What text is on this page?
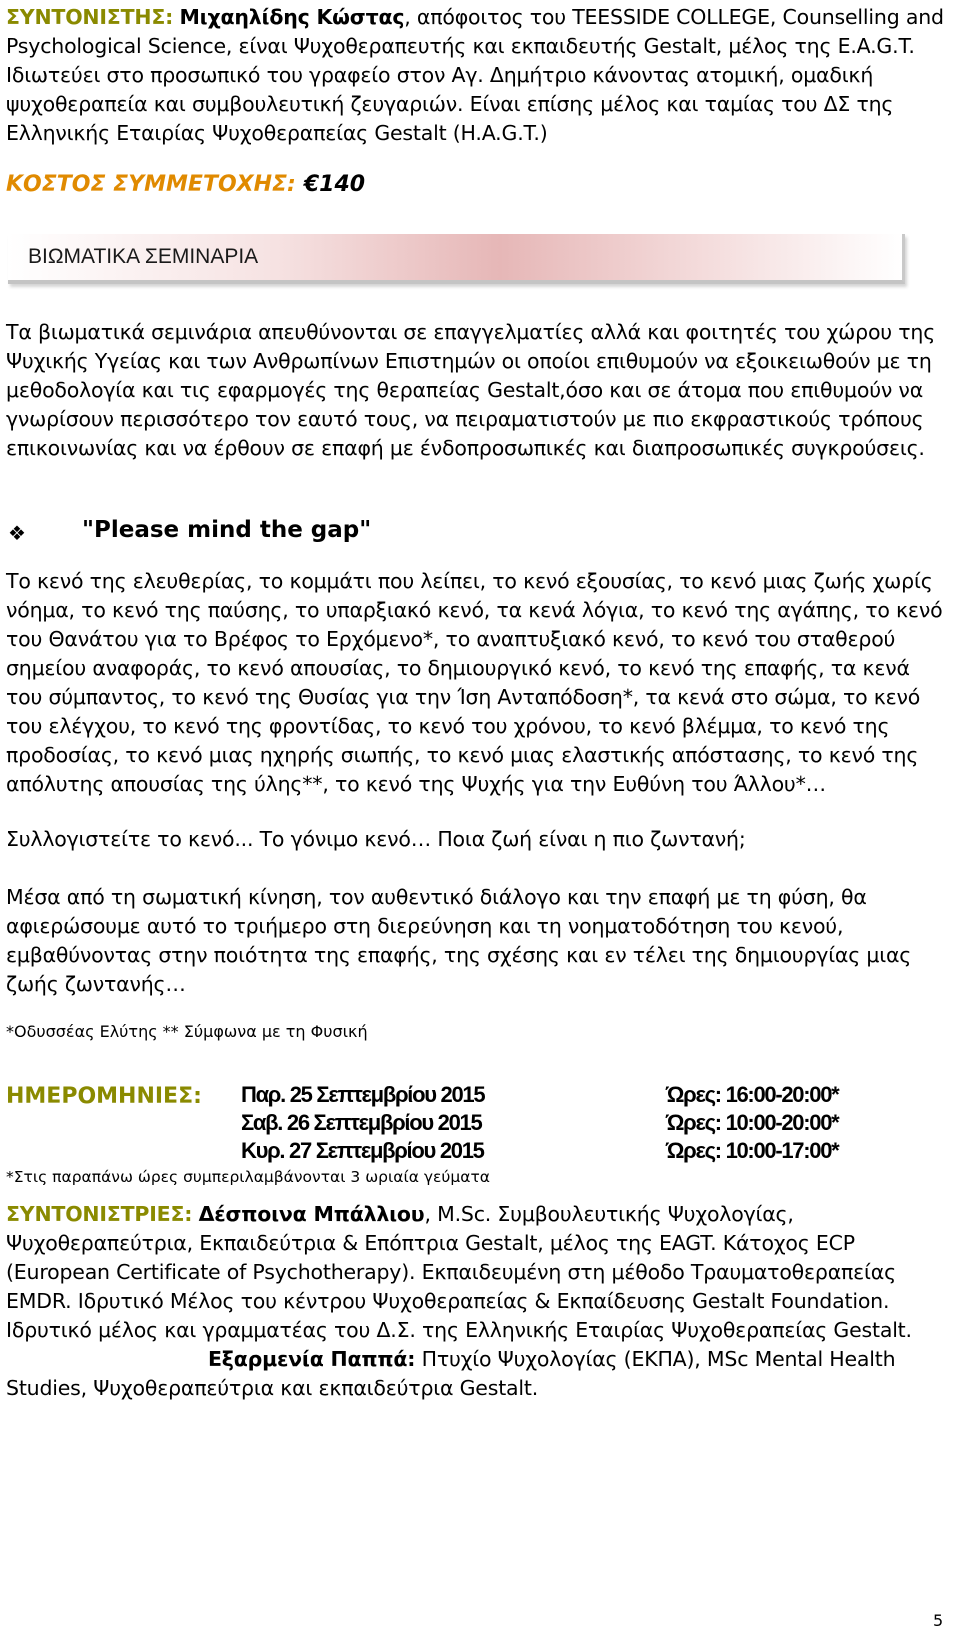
ΣΥΝΤΟΝΙΣΤΗΣ: Μιχαηλίδης Κώστας, απόφοιτος του TEESSIDE COLLEGE, Counselling and Psychological Science, είναι Ψυχοθεραπευτής και εκπαιδευτής Gestalt, μέλος της E.A.G.T. Ιδιωτεύει στο προσωπικό του γραφείο στον Αγ. Δημήτριο κάνοντας ατομική, ομαδική ψυχοθεραπεία και συμβουλευτική ζευγαριών. Είναι επίσης μέλος και ταμίας του ΔΣ της Ελληνικής Εταιρίας Ψυχοθεραπείας Gestalt (H.A.G.T.)

ΚΟΣΤΟΣ ΣΥΜΜΕΤΟΧΗΣ: €140
ΒΙΩΜΑΤΙΚΑ ΣΕΜΙΝΑΡΙΑ

Τα βιωματικά σεμινάρια απευθύνονται σε επαγγελματίες αλλά και φοιτητές του χώρου της Ψυχικής Υγείας και των Ανθρωπίνων Επιστημών οι οποίοι επιθυμούν να εξοικειωθούν με τη μεθοδολογία και τις εφαρμογές της θεραπείας Gestalt,όσο και σε άτομα που επιθυμούν να γνωρίσουν περισσότερο τον εαυτό τους, να πειραματιστούν με πιο εκφραστικούς τρόπους επικοινωνίας και να έρθουν σε επαφή με ένδοπροσωπικές και διαπροσωπικές συγκρούσεις.

❖ "Please mind the gap"

Το κενό της ελευθερίας, το κομμάτι που λείπει, το κενό εξουσίας, το κενό μιας ζωής χωρίς νόημα, το κενό της παύσης, το υπαρξιακό κενό, τα κενά λόγια, το κενό της αγάπης, το κενό του Θανάτου για το Βρέφος το Ερχόμενο*, το αναπτυξιακό κενό, το κενό του σταθερού σημείου αναφοράς, το κενό απουσίας, το δημιουργικό κενό, το κενό της επαφής, τα κενά του σύμπαντος, το κενό της Θυσίας για την Ίση Ανταπόδοση*, τα κενά στο σώμα, το κενό του ελέγχου, το κενό της φροντίδας, το κενό του χρόνου, το κενό βλέμμα, το κενό της προδοσίας, το κενό μιας ηχηρής σιωπής, το κενό μιας ελαστικής απόστασης, το κενό της απόλυτης απουσίας της ύλης**, το κενό της Ψυχής για την Ευθύνη του Άλλου*…

Συλλογιστείτε το κενό... Το γόνιμο κενό… Ποια ζωή είναι η πιο ζωντανή;

Μέσα από τη σωματική κίνηση, τον αυθεντικό διάλογο και την επαφή με τη φύση, θα αφιερώσουμε αυτό το τριήμερο στη διερεύνηση και τη νοηματοδότηση του κενού, εμβαθύνοντας στην ποιότητα της επαφής, της σχέσης και εν τέλει της δημιουργίας μιας ζωής ζωντανής…

*Οδυσσέας Ελύτης ** Σύμφωνα με τη Φυσική

ΗΜΕΡΟΜΗΝΙΕΣ: Παρ. 25 Σεπτεμβρίου 2015	Ώρες: 16:00-20:00*
Σαβ. 26 Σεπτεμβρίου 2015	Ώρες: 10:00-20:00*
Κυρ. 27 Σεπτεμβρίου 2015	Ώρες: 10:00-17:00*

*Στις παραπάνω ώρες συμπεριλαμβάνονται 3 ωριαία γεύματα

ΣΥΝΤΟΝΙΣΤΡΙΕΣ: Δέσποινα Μπάλλιου, M.Sc. Συμβουλευτικής Ψυχολογίας, Ψυχοθεραπεύτρια, Εκπαιδεύτρια & Επόπτρια Gestalt, μέλος της EAGT. Κάτοχος ECP (European Certificate of Psychotherapy). Εκπαιδευμένη στη μέθοδο Τραυματοθεραπείας EMDR. Ιδρυτικό Μέλος του κέντρου Ψυχοθεραπείας & Εκπαίδευσης Gestalt Foundation. Ιδρυτικό μέλος και γραμματέας του Δ.Σ. της Ελληνικής Εταιρίας Ψυχοθεραπείας Gestalt.
Εξαρμενία Παππά: Πτυχίο Ψυχολογίας (ΕΚΠΑ), MSc Mental Health Studies, Ψυχοθεραπεύτρια και εκπαιδεύτρια Gestalt.

5
